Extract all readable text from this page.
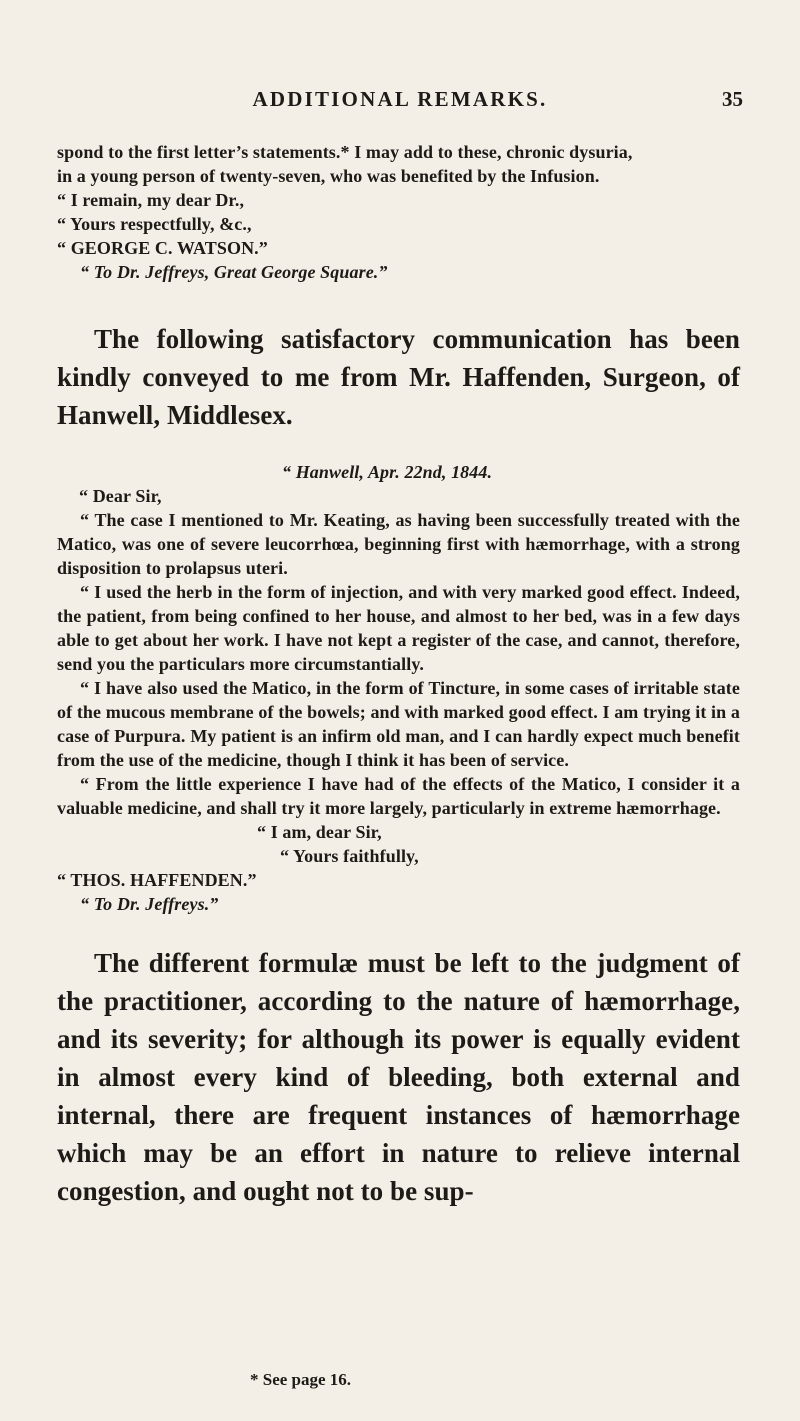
ADDITIONAL REMARKS.	35

spond to the first letter’s statements.* I may add to these, chronic dysuria,

in a young person of twenty-seven, who was benefited by the Infusion.

“ I remain, my dear Dr.,

“ Yours respectfully, &c.,

“ GEORGE C. WATSON.”

“ To Dr. Jeffreys, Great George Square.”

The following satisfactory communication has been kindly conveyed to me from Mr. Haffenden, Surgeon, of Hanwell, Middlesex.

“ Hanwell, Apr. 22nd, 1844.

“ Dear Sir,

“ The case I mentioned to Mr. Keating, as having been successfully treated with the Matico, was one of severe leucorrhœa, beginning first with hæmorrhage, with a strong disposition to prolapsus uteri.

“ I used the herb in the form of injection, and with very marked good effect. Indeed, the patient, from being confined to her house, and almost to her bed, was in a few days able to get about her work. I have not kept a register of the case, and cannot, therefore, send you the particulars more circumstantially.

“ I have also used the Matico, in the form of Tincture, in some cases of irritable state of the mucous membrane of the bowels; and with marked good effect. I am trying it in a case of Purpura. My patient is an infirm old man, and I can hardly expect much benefit from the use of the medicine, though I think it has been of service.

“ From the little experience I have had of the effects of the Matico, I consider it a valuable medicine, and shall try it more largely, particularly in extreme hæmorrhage.

“ I am, dear Sir,

“ Yours faithfully,

“ THOS. HAFFENDEN.”

“ To Dr. Jeffreys.”

The different formulæ must be left to the judgment of the practitioner, according to the nature of hæmorrhage, and its severity; for although its power is equally evident in almost every kind of bleeding, both external and internal, there are frequent instances of hæmorrhage which may be an effort in nature to relieve internal congestion, and ought not to be sup-

* See page 16.
